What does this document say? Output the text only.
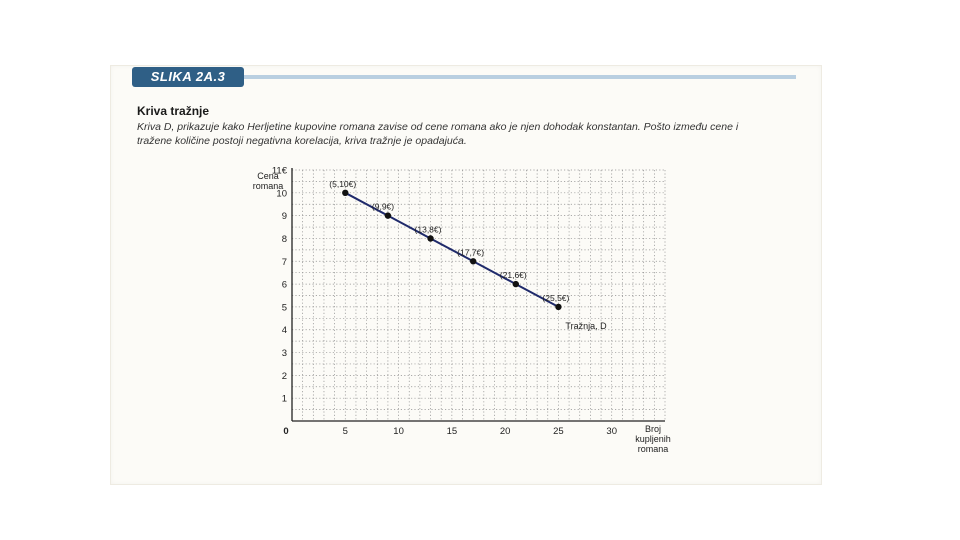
SLIKA 2A.3
Kriva tražnje
Kriva D, prikazuje kako Herljetine kupovine romana zavise od cene romana ako je njen dohodak konstantan. Pošto između cene i
tražene količine postoji negativna korelacija, kriva tražnje je opadajuća.
0	5	10	15	20	25	30
1
2
3
4
5
6
7
8
9
10
11€
Cena
romana
Broj
kupljenih
romana
(5,10€)
(9,9€)
(13,8€)
(17,7€)
(21,6€)
(25,5€)
Tražnja, D
